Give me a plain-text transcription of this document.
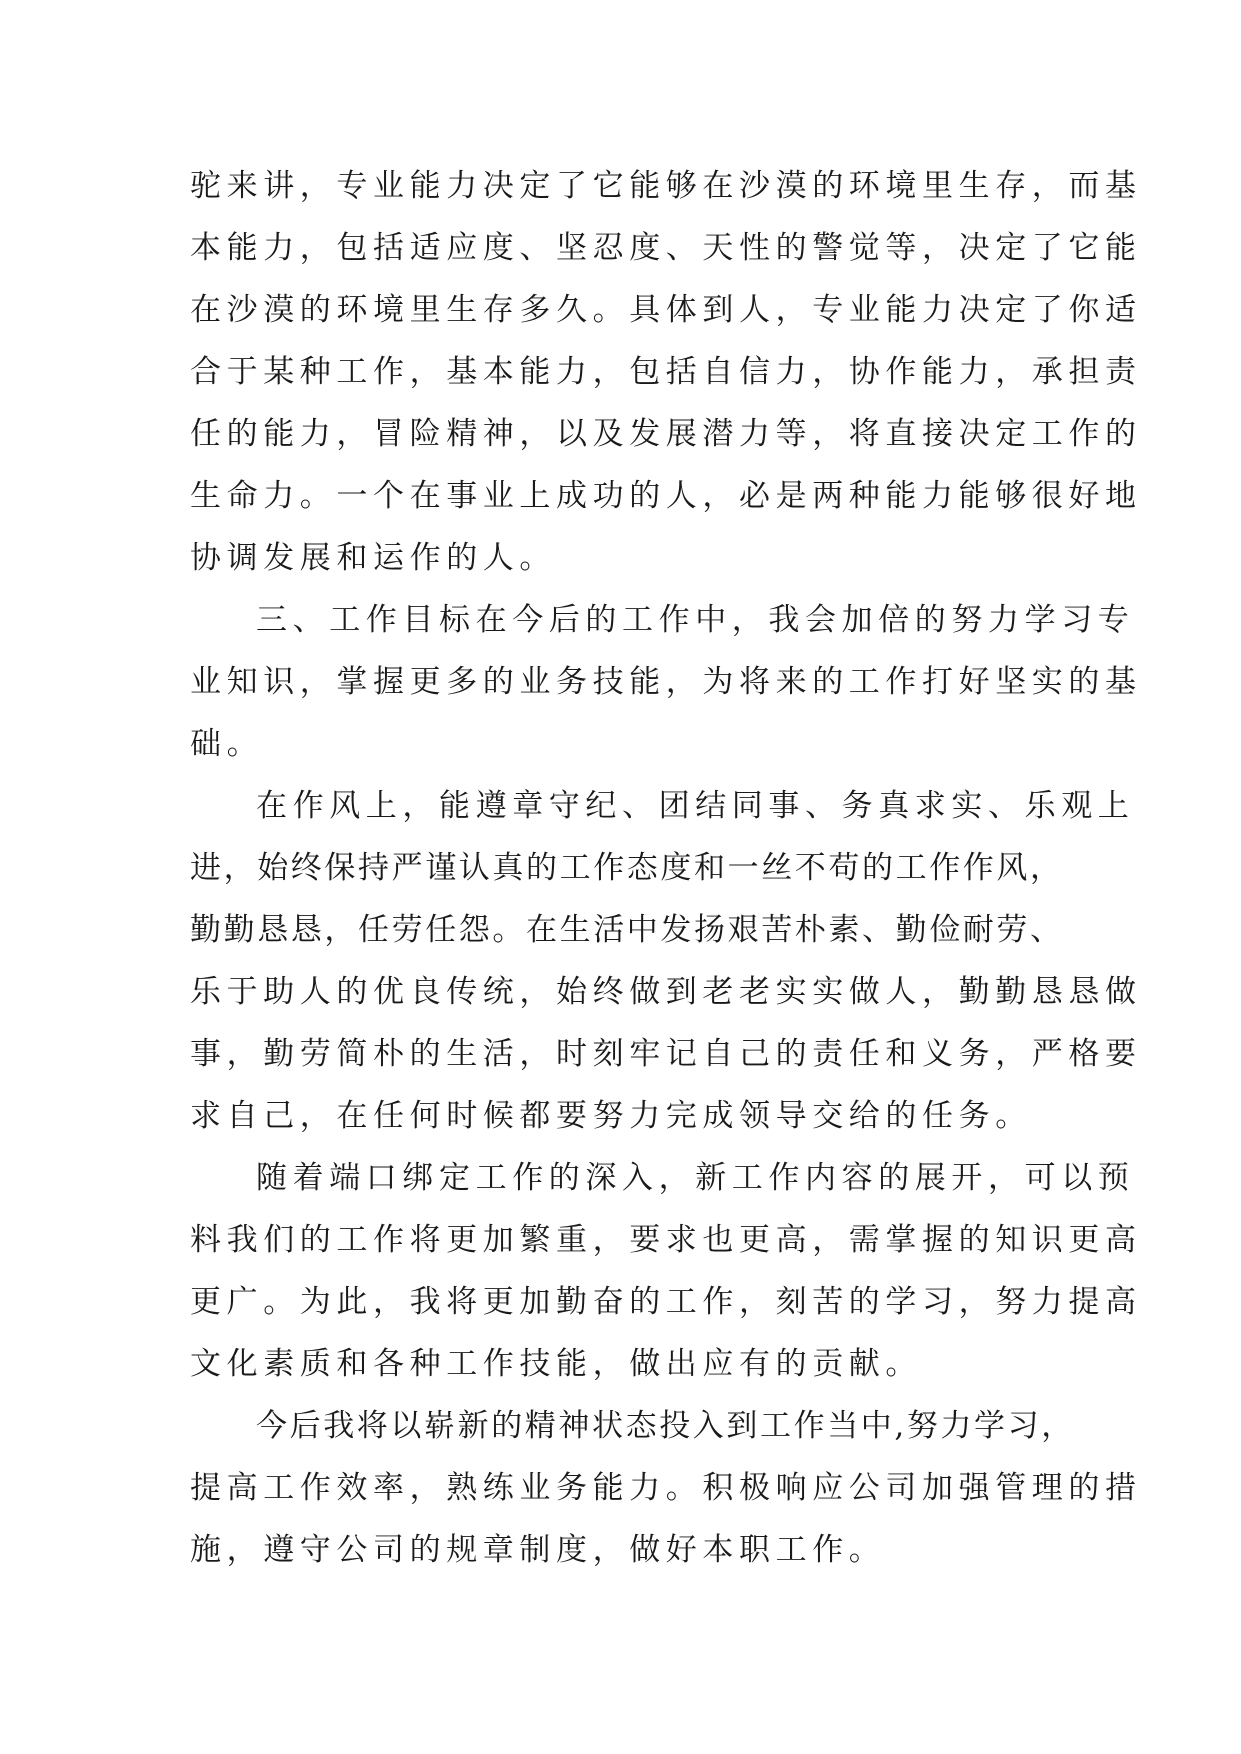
驼来讲，专业能力决定了它能够在沙漠的环境里生存，而基
本能力，包括适应度、坚忍度、天性的警觉等，决定了它能
在沙漠的环境里生存多久。具体到人，专业能力决定了你适
合于某种工作，基本能力，包括自信力，协作能力，承担责
任的能力，冒险精神，以及发展潜力等，将直接决定工作的
生命力。一个在事业上成功的人，必是两种能力能够很好地
协调发展和运作的人。
三、工作目标在今后的工作中，我会加倍的努力学习专
业知识，掌握更多的业务技能，为将来的工作打好坚实的基
础。
在作风上，能遵章守纪、团结同事、务真求实、乐观上
进，始终保持严谨认真的工作态度和一丝不苟的工作作风，
勤勤恳恳，任劳任怨。在生活中发扬艰苦朴素、勤俭耐劳、
乐于助人的优良传统，始终做到老老实实做人，勤勤恳恳做
事，勤劳简朴的生活，时刻牢记自己的责任和义务，严格要
求自己，在任何时候都要努力完成领导交给的任务。
随着端口绑定工作的深入，新工作内容的展开，可以预
料我们的工作将更加繁重，要求也更高，需掌握的知识更高
更广。为此，我将更加勤奋的工作，刻苦的学习，努力提高
文化素质和各种工作技能，做出应有的贡献。
今后我将以崭新的精神状态投入到工作当中,努力学习，
提高工作效率，熟练业务能力。积极响应公司加强管理的措
施，遵守公司的规章制度，做好本职工作。
